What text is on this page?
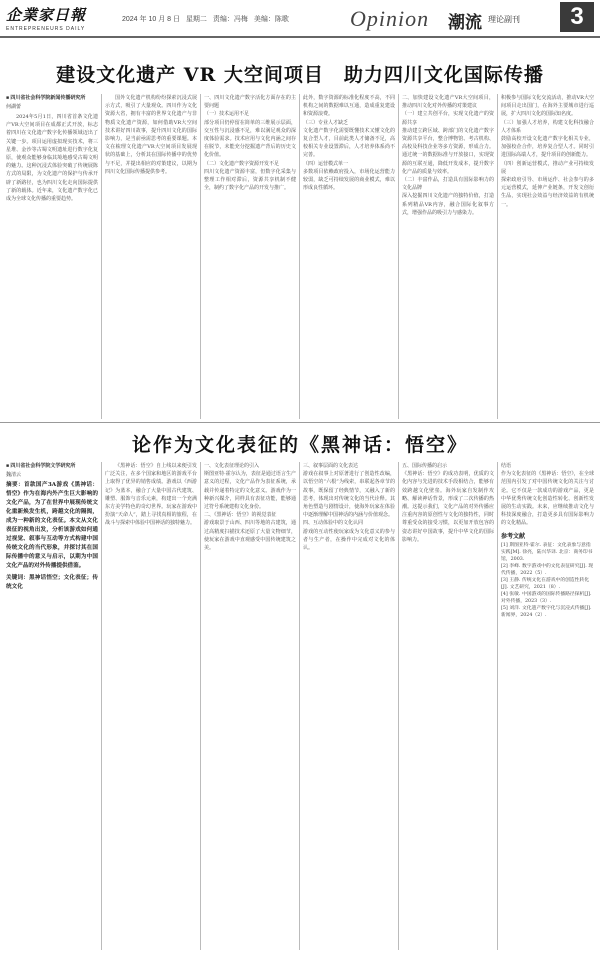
企業家日報
ENTREPRENEURS DAILY
2024 年 10 月 8 日 星期二 责编：冯梅 美编：陈歌	Opinion 潮流 理论副刊	3
建设文化遗产 VR 大空间项目　助力四川文化国际传播
■ 四川省社会科学院新闻传播研究所
何湖蕾

2024年5月1日，四川省首条文化遗产VR大空间项目在成都正式开放，标志着四川在文化遗产数字化传播领域迈出了关键一步。项目运用虚拟现实技术，将三星堆、金沙等古蜀文明遗址进行数字化复原，使观众能够身临其境地感受古蜀文明的魅力。这种沉浸式体验突破了传统展陈方式的局限，为文化遗产的保护与传承开辟了新路径，也为四川文化走向国际提供了新的载体。近年来，文化遗产数字化已成为全球文化传播的重要趋势。

国外文化遗产机构纷纷探索沉浸式展示方式，吸引了大量观众。四川作为文化资源大省，拥有丰富的世界文化遗产与非物质文化遗产资源，如何借助VR大空间技术讲好四川故事，提升四川文化的国际影响力，是当前亟需思考的重要课题。本文在梳理文化遗产VR大空间项目发展现状的基础上，分析其在国际传播中的优势与不足，并提出相应的对策建议，以期为四川文化国际传播提供参考。

一、四川文化遗产数字活化方面存在的主要问题
（一）技术运用不足
部分项目仍停留在简单的三维展示层面，交互性与沉浸感不足，难以满足观众的深度体验需求。技术应用与文化内涵之间存在脱节，未能充分挖掘遗产背后的历史文化价值。
（二）文化遗产数字资源开发不足
四川文化遗产资源丰富，但数字化采集与整理工作相对滞后，资源共享机制不健全，制约了数字化产品的开发与推广。
此外，数字资源的标准化程度不高，不同机构之间的数据难以互通，造成重复建设和资源浪费。
（三）专业人才缺乏
文化遗产数字化需要既懂技术又懂文化的复合型人才，目前此类人才储备不足，高校相关专业设置滞后，人才培养体系尚不完善。
（四）运营模式单一
多数项目依赖政府投入，市场化运营能力较弱，缺乏可持续发展的商业模式，难以形成良性循环。
二、加快建设文化遗产VR大空间项目，推动四川文化对外传播的对策建议
（一）建立共创平台，实现文化遗产的资源共享
推动建立跨区域、跨部门的文化遗产数字资源共享平台，整合博物馆、考古机构、高校及科技企业等多方资源，形成合力。通过统一的数据标准与开放接口，实现资源的互联互通，降低开发成本，提升数字化产品的质量与效率。
（二）丰富作品，打造具有国际影响力的文化品牌
深入挖掘四川文化遗产的独特价值，打造系列精品VR内容，融合国际化叙事方式，增强作品的吸引力与感染力。
积极参与国际文化交流活动，推动VR大空间项目走出国门，在海外主要城市进行巡展，扩大四川文化的国际知名度。
（三）加强人才培养，构建文化科技融合人才体系
鼓励高校开设文化遗产数字化相关专业，加强校企合作，培养复合型人才。同时引进国际高端人才，提升项目的创新能力。
（四）创新运营模式，推动产业可持续发展
探索政府引导、市场运作、社会参与的多元运营模式，延伸产业链条，开发文创衍生品，实现社会效益与经济效益的有机统一。
论作为文化表征的《黑神话：悟空》
■ 四川省社会科学院文学研究所
魏清云
摘要：首款国产3A游戏《黑神话：悟空》作为在海内外产生巨大影响的文化产品，为了在世界中展现传统文化重新焕发生机，跨越文化的隔阂，成为一种新的文化表征。本文从文化表征的视角出发，分析该游戏如何通过视觉、叙事与互动等方式构建中国传统文化的当代形象，并探讨其在国际传播中的意义与启示，以期为中国文化产品的对外传播提供借鉴。
关键词：黑神话悟空；文化表征；传统文化

《黑神话：悟空》自上线以来便引发广泛关注，在多个国家和地区的游戏平台上取得了优异的销售成绩。游戏以《西游记》为蓝本，融合了大量中国古代建筑、雕塑、服饰与音乐元素，构建出一个充满东方美学特色的奇幻世界。玩家在游戏中扮演“天命人”，踏上寻找真相的旅程，在战斗与探索中体验中国神话的独特魅力。

一、文化表征理论的引入
斯图亚特·霍尔认为，表征是通过语言生产意义的过程，文化产品作为表征系统，承载并传递着特定的文化意义。游戏作为一种新兴媒介，同样具有表征功能，能够通过符号系统建构文化身份。
二、《黑神话：悟空》的视觉表征
游戏取景于山西、四川等地的古建筑，通过高精度扫描技术还原了大量文物细节，使玩家在游戏中直观感受中国传统建筑之美。
三、叙事层面的文化表达
游戏在叙事上对原著进行了创造性改编，以悟空的“六根”为线索，串联起各章节的故事，既保留了经典情节，又融入了新的思考，体现出对传统文化的当代诠释。其角色塑造与剧情设计，使海外玩家在体验中逐渐理解中国神话的内涵与价值观念。
四、互动体验中的文化认同
游戏的互动性使玩家成为文化意义的参与者与生产者，在操作中完成对文化的体认。
五、国际传播的启示
《黑神话：悟空》的成功表明，优质的文化内容与先进的技术手段相结合，能够有效跨越文化壁垒。海外玩家自发制作攻略、解读神话背景，形成了二次传播的热潮。这提示我们，文化产品的对外传播应注重内容的原创性与文化的独特性，同时尊重受众的接受习惯，以更加开放包容的姿态讲好中国故事，提升中华文化的国际影响力。
结语
作为文化表征的《黑神话：悟空》，在全球范围内引发了对中国传统文化的关注与讨论。它不仅是一款成功的游戏产品，更是中华优秀传统文化创造性转化、创新性发展的生动实践。未来，应继续推动文化与科技深度融合，打造更多具有国际影响力的文化精品。
参考文献
[1] 斯图亚特·霍尔. 表征：文化表象与意指实践[M]. 徐亮，陆兴华译. 北京：商务印书馆，2003.
[2] 李峰. 数字游戏中的文化表征研究[J]. 现代传播，2022（5）.
[3] 王静. 传统文化在游戏中的创造性转化[J]. 文艺研究，2021（8）.
[4] 张敏. 中国游戏的国际传播路径探析[J]. 对外传播，2023（3）.
[5] 刘洋. 文化遗产数字化与沉浸式传播[J]. 新闻界，2024（2）.
